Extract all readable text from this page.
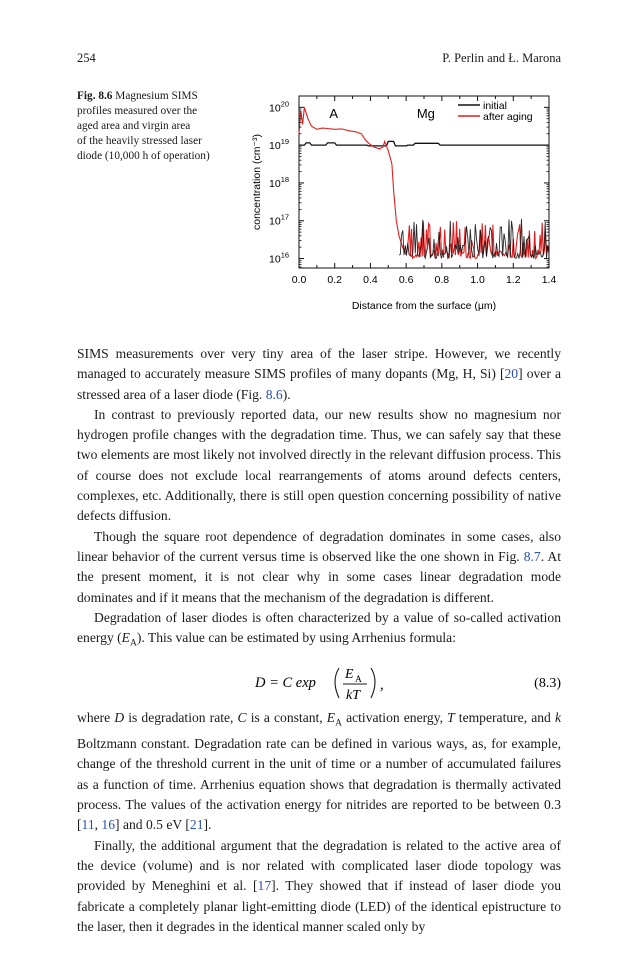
254	P. Perlin and Ł. Marona
Fig. 8.6 Magnesium SIMS
profiles measured over the
aged area and virgin area
of the heavily stressed laser
diode (10,000 h of operation)
0.0 0.2 0.4 0.6 0.8 1.0 1.2 1.4
$10^{16}$
$10^{17}$
$10^{18}$
$10^{19}$
$10^{20}$
A	Mg	initial
after aging
Distance from the surface (μm)
concentration (cm⁻³)

SIMS measurements over very tiny area of the laser stripe. However, we recently managed to accurately measure SIMS profiles of many dopants (Mg, H, Si) [20] over a stressed area of a laser diode (Fig. 8.6).

In contrast to previously reported data, our new results show no magnesium nor hydrogen profile changes with the degradation time. Thus, we can safely say that these two elements are most likely not involved directly in the relevant diffusion process. This of course does not exclude local rearrangements of atoms around defects centers, complexes, etc. Additionally, there is still open question concerning possibility of native defects diffusion.

Though the square root dependence of degradation dominates in some cases, also linear behavior of the current versus time is observed like the one shown in Fig. 8.7. At the present moment, it is not clear why in some cases linear degradation mode dominates and if it means that the mechanism of the degradation is different.

Degradation of laser diodes is often characterized by a value of so-called activation energy $(E_A)$. This value can be estimated by using Arrhenius formula:

D = C exp
E A
kT
,	(8.3)

where D is degradation rate, C is a constant, $E_A$ activation energy, T temperature, and k Boltzmann constant. Degradation rate can be defined in various ways, as, for example, change of the threshold current in the unit of time or a number of accumulated failures as a function of time. Arrhenius equation shows that degradation is thermally activated process. The values of the activation energy for nitrides are reported to be between 0.3 [11, 16] and 0.5 eV [21].

Finally, the additional argument that the degradation is related to the active area of the device (volume) and is nor related with complicated laser diode topology was provided by Meneghini et al. [17]. They showed that if instead of laser diode you fabricate a completely planar light-emitting diode (LED) of the identical epistructure to the laser, then it degrades in the identical manner scaled only by
